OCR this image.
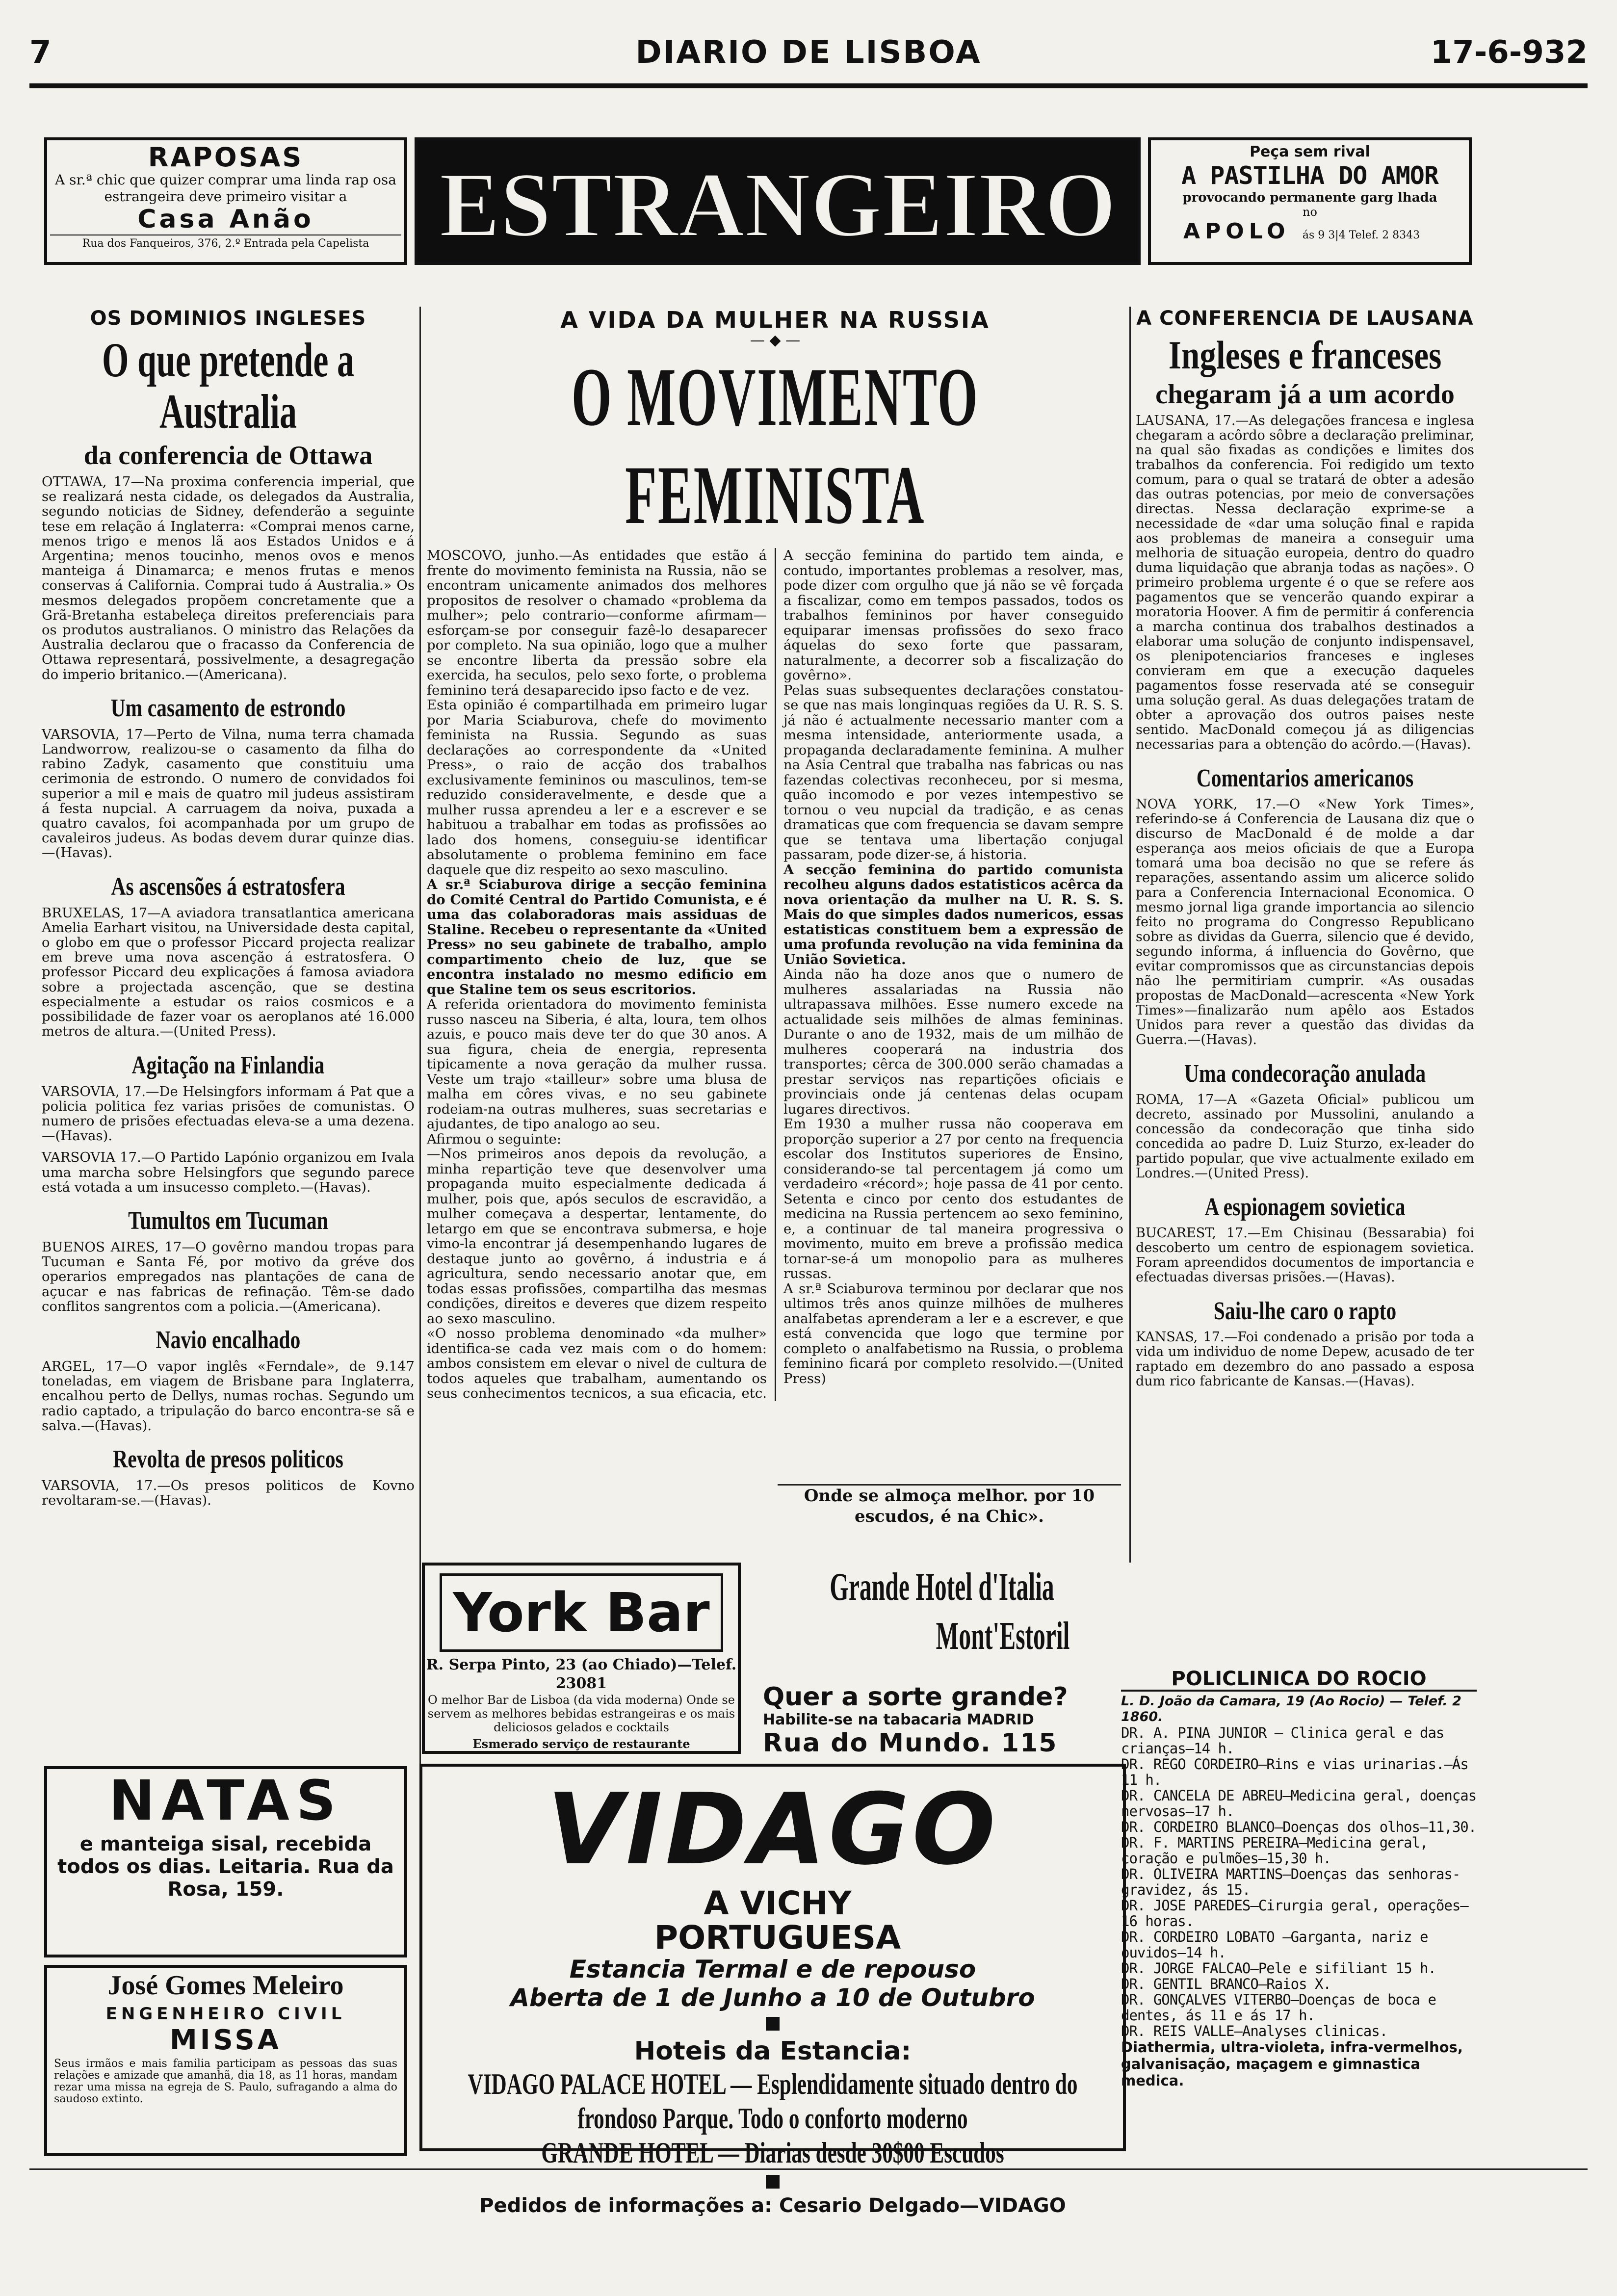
7	DIARIO DE LISBOA	17-6-932
RAPOSAS
A sr.ª chic que quizer comprar uma linda rap osa estrangeira deve primeiro visitar a
Casa Anão
Rua dos Fanqueiros, 376, 2.º Entrada pela Capelista ESTRANGEIRO
Peça sem rival
A PASTILHA DO AMOR
provocando permanente garg lhada
no
APOLO ás 9 3|4 Telef. 2 8343
OS DOMINIOS INGLESES
O que pretende a Australia
da conferencia de Ottawa

OTTAWA, 17—Na proxima conferencia imperial, que se realizará nesta cidade, os delegados da Australia, segundo noticias de Sidney, defenderão a seguinte tese em relação á Inglaterra: «Comprai menos carne, menos trigo e menos lã aos Estados Unidos e á Argentina; menos toucinho, menos ovos e menos manteiga á Dinamarca; e menos frutas e menos conservas á California. Comprai tudo á Australia.» Os mesmos delegados propõem concretamente que a Grã-Bretanha estabeleça direitos preferenciais para os produtos australianos. O ministro das Relações da Australia declarou que o fracasso da Conferencia de Ottawa representará, possivelmente, a desagregação do imperio britanico.—(Americana).

Um casamento de estrondo

VARSOVIA, 17—Perto de Vilna, numa terra chamada Landworrow, realizou-se o casamento da filha do rabino Zadyk, casamento que constituiu uma cerimonia de estrondo. O numero de convidados foi superior a mil e mais de quatro mil judeus assistiram á festa nupcial. A carruagem da noiva, puxada a quatro cavalos, foi acompanhada por um grupo de cavaleiros judeus. As bodas devem durar quinze dias.—(Havas).

As ascensões á estratosfera

BRUXELAS, 17—A aviadora transatlantica americana Amelia Earhart visitou, na Universidade desta capital, o globo em que o professor Piccard projecta realizar em breve uma nova ascenção á estratosfera. O professor Piccard deu explicações á famosa aviadora sobre a projectada ascenção, que se destina especialmente a estudar os raios cosmicos e a possibilidade de fazer voar os aeroplanos até 16.000 metros de altura.—(United Press).

Agitação na Finlandia

VARSOVIA, 17.—De Helsingfors informam á Pat que a policia politica fez varias prisões de comunistas. O numero de prisões efectuadas eleva-se a uma dezena.—(Havas).

VARSOVIA 17.—O Partido Lapónio organizou em Ivala uma marcha sobre Helsingfors que segundo parece está votada a um insucesso completo.—(Havas).

Tumultos em Tucuman

BUENOS AIRES, 17—O govêrno mandou tropas para Tucuman e Santa Fé, por motivo da gréve dos operarios empregados nas plantações de cana de açucar e nas fabricas de refinação. Têm-se dado conflitos sangrentos com a policia.—(Americana).

Navio encalhado

ARGEL, 17—O vapor inglês «Ferndale», de 9.147 toneladas, em viagem de Brisbane para Inglaterra, encalhou perto de Dellys, numas rochas. Segundo um radio captado, a tripulação do barco encontra-se sã e salva.—(Havas).

Revolta de presos politicos

VARSOVIA, 17.—Os presos politicos de Kovno revoltaram-se.—(Havas).

A VIDA DA MULHER NA RUSSIA
— ◆ —
O MOVIMENTO FEMINISTA

MOSCOVO, junho.—As entidades que estão á frente do movimento feminista na Russia, não se encontram unicamente animados dos melhores propositos de resolver o chamado «problema da mulher»; pelo contrario—conforme afirmam—esforçam-se por conseguir fazê-lo desaparecer por completo. Na sua opinião, logo que a mulher se encontre liberta da pressão sobre ela exercida, ha seculos, pelo sexo forte, o problema feminino terá desaparecido ipso facto e de vez.

Esta opinião é compartilhada em primeiro lugar por Maria Sciaburova, chefe do movimento feminista na Russia. Segundo as suas declarações ao correspondente da «United Press», o raio de acção dos trabalhos exclusivamente femininos ou masculinos, tem-se reduzido consideravelmente, e desde que a mulher russa aprendeu a ler e a escrever e se habituou a trabalhar em todas as profissões ao lado dos homens, conseguiu-se identificar absolutamente o problema feminino em face daquele que diz respeito ao sexo masculino.

A sr.ª Sciaburova dirige a secção feminina do Comité Central do Partido Comunista, e é uma das colaboradoras mais assiduas de Staline. Recebeu o representante da «United Press» no seu gabinete de trabalho, amplo compartimento cheio de luz, que se encontra instalado no mesmo edificio em que Staline tem os seus escritorios.

A referida orientadora do movimento feminista russo nasceu na Siberia, é alta, loura, tem olhos azuis, e pouco mais deve ter do que 30 anos. A sua figura, cheia de energia, representa tipicamente a nova geração da mulher russa. Veste um trajo «tailleur» sobre uma blusa de malha em côres vivas, e no seu gabinete rodeiam-na outras mulheres, suas secretarias e ajudantes, de tipo analogo ao seu.

Afirmou o seguinte:

—Nos primeiros anos depois da revolução, a minha repartição teve que desenvolver uma propaganda muito especialmente dedicada á mulher, pois que, após seculos de escravidão, a mulher começava a despertar, lentamente, do letargo em que se encontrava submersa, e hoje vimo-la encontrar já desempenhando lugares de destaque junto ao govêrno, á industria e á agricultura, sendo necessario anotar que, em todas essas profissões, compartilha das mesmas condições, direitos e deveres que dizem respeito ao sexo masculino.

«O nosso problema denominado «da mulher» identifica-se cada vez mais com o do homem: ambos consistem em elevar o nivel de cultura de todos aqueles que trabalham, aumentando os seus conhecimentos tecnicos, a sua eficacia, etc. A secção feminina do partido tem ainda, e contudo, importantes problemas a resolver, mas, pode dizer com orgulho que já não se vê forçada a fiscalizar, como em tempos passados, todos os trabalhos femininos por haver conseguido equiparar imensas profissões do sexo fraco áquelas do sexo forte que passaram, naturalmente, a decorrer sob a fiscalização do govêrno».

Pelas suas subsequentes declarações constatou-se que nas mais longinquas regiões da U. R. S. S. já não é actualmente necessario manter com a mesma intensidade, anteriormente usada, a propaganda declaradamente feminina. A mulher na Asia Central que trabalha nas fabricas ou nas fazendas colectivas reconheceu, por si mesma, quão incomodo e por vezes intempestivo se tornou o veu nupcial da tradição, e as cenas dramaticas que com frequencia se davam sempre que se tentava uma libertação conjugal passaram, pode dizer-se, á historia.

A secção feminina do partido comunista recolheu alguns dados estatisticos acêrca da nova orientação da mulher na U. R. S. S. Mais do que simples dados numericos, essas estatisticas constituem bem a expressão de uma profunda revolução na vida feminina da União Sovietica.

Ainda não ha doze anos que o numero de mulheres assalariadas na Russia não ultrapassava milhões. Esse numero excede na actualidade seis milhões de almas femininas. Durante o ano de 1932, mais de um milhão de mulheres cooperará na industria dos transportes; cêrca de 300.000 serão chamadas a prestar serviços nas repartições oficiais e provinciais onde já centenas delas ocupam lugares directivos.

Em 1930 a mulher russa não cooperava em proporção superior a 27 por cento na frequencia escolar dos Institutos superiores de Ensino, considerando-se tal percentagem já como um verdadeiro «récord»; hoje passa de 41 por cento. Setenta e cinco por cento dos estudantes de medicina na Russia pertencem ao sexo feminino, e, a continuar de tal maneira progressiva o movimento, muito em breve a profissão medica tornar-se-á um monopolio para as mulheres russas.

A sr.ª Sciaburova terminou por declarar que nos ultimos três anos quinze milhões de mulheres analfabetas aprenderam a ler e a escrever, e que está convencida que logo que termine por completo o analfabetismo na Russia, o problema feminino ficará por completo resolvido.—(United Press)

Onde se almoça melhor. por 10 escudos, é na Chic».
A CONFERENCIA DE LAUSANA
Ingleses e franceses
chegaram já a um acordo

LAUSANA, 17.—As delegações francesa e inglesa chegaram a acôrdo sôbre a declaração preliminar, na qual são fixadas as condições e limites dos trabalhos da conferencia. Foi redigido um texto comum, para o qual se tratará de obter a adesão das outras potencias, por meio de conversações directas. Nessa declaração exprime-se a necessidade de «dar uma solução final e rapida aos problemas de maneira a conseguir uma melhoria de situação europeia, dentro do quadro duma liquidação que abranja todas as nações». O primeiro problema urgente é o que se refere aos pagamentos que se vencerão quando expirar a moratoria Hoover. A fim de permitir á conferencia a marcha continua dos trabalhos destinados a elaborar uma solução de conjunto indispensavel, os plenipotenciarios franceses e ingleses convieram em que a execução daqueles pagamentos fosse reservada até se conseguir uma solução geral. As duas delegações tratam de obter a aprovação dos outros paises neste sentido. MacDonald começou já as diligencias necessarias para a obtenção do acôrdo.—(Havas).

Comentarios americanos

NOVA YORK, 17.—O «New York Times», referindo-se á Conferencia de Lausana diz que o discurso de MacDonald é de molde a dar esperança aos meios oficiais de que a Europa tomará uma boa decisão no que se refere ás reparações, assentando assim um alicerce solido para a Conferencia Internacional Economica. O mesmo jornal liga grande importancia ao silencio feito no programa do Congresso Republicano sobre as dividas da Guerra, silencio que é devido, segundo informa, á influencia do Govêrno, que evitar compromissos que as circunstancias depois não lhe permitiriam cumprir. «As ousadas propostas de MacDonald—acrescenta «New York Times»—finalizarão num apêlo aos Estados Unidos para rever a questão das dividas da Guerra.—(Havas).

Uma condecoração anulada

ROMA, 17—A «Gazeta Oficial» publicou um decreto, assinado por Mussolini, anulando a concessão da condecoração que tinha sido concedida ao padre D. Luiz Sturzo, ex-leader do partido popular, que vive actualmente exilado em Londres.—(United Press).

A espionagem sovietica

BUCAREST, 17.—Em Chisinau (Bessarabia) foi descoberto um centro de espionagem sovietica. Foram apreendidos documentos de importancia e efectuadas diversas prisões.—(Havas).

Saiu-lhe caro o rapto

KANSAS, 17.—Foi condenado a prisão por toda a vida um individuo de nome Depew, acusado de ter raptado em dezembro do ano passado a esposa dum rico fabricante de Kansas.—(Havas).

NATAS
e manteiga sisal, recebida todos os dias. Leitaria. Rua da Rosa, 159.
José Gomes Meleiro
ENGENHEIRO CIVIL
MISSA
Seus irmãos e mais familia participam as pessoas das suas relações e amizade que amanhã, dia 18, as 11 horas, mandam rezar uma missa na egreja de S. Paulo, sufragando a alma do saudoso extinto.
York Bar
R. Serpa Pinto, 23 (ao Chiado)—Telef. 23081
O melhor Bar de Lisboa (da vida moderna) Onde se servem as melhores bebidas estrangeiras e os mais deliciosos gelados e cocktails
Esmerado serviço de restaurante
Grande Hotel d'Italia
Mont'Estoril
Quer a sorte grande?
Habilite-se na tabacaria MADRID
Rua do Mundo. 115
VIDAGO A VICHY
PORTUGUESA
Estancia Termal e de repouso
Aberta de 1 de Junho a 10 de Outubro
Hoteis da Estancia:
VIDAGO PALACE HOTEL — Esplendidamente situado dentro do
frondoso Parque. Todo o conforto moderno
GRANDE HOTEL — Diarias desde 30$00 Escudos
Pedidos de informações a: Cesario Delgado—VIDAGO
POLICLINICA DO ROCIO
L. D. João da Camara, 19 (Ao Rocio) — Telef. 2 1860.
DR. A. PINA JUNIOR — Clinica geral e das crianças—14 h.
DR. REGO CORDEIRO—Rins e vias urinarias.—Ás 11 h.
DR. CANCELA DE ABREU—Medicina geral, doenças nervosas—17 h.
DR. CORDEIRO BLANCO—Doenças dos olhos—11,30.
DR. F. MARTINS PEREIRA—Medicina geral, coração e pulmões—15,30 h.
DR. OLIVEIRA MARTINS—Doenças das senhoras-gravidez, ás 15.
DR. JOSE PAREDES—Cirurgia geral, operações—16 horas.
DR. CORDEIRO LOBATO —Garganta, nariz e ouvidos—14 h.
DR. JORGE FALCAO—Pele e sifiliant 15 h.
DR. GENTIL BRANCO—Raios X.
DR. GONÇALVES VITERBO—Doenças de boca e dentes, ás 11 e ás 17 h.
DR. REIS VALLE—Analyses clinicas.
Diathermia, ultra-violeta, infra-vermelhos, galvanisação, maçagem e gimnastica medica.
